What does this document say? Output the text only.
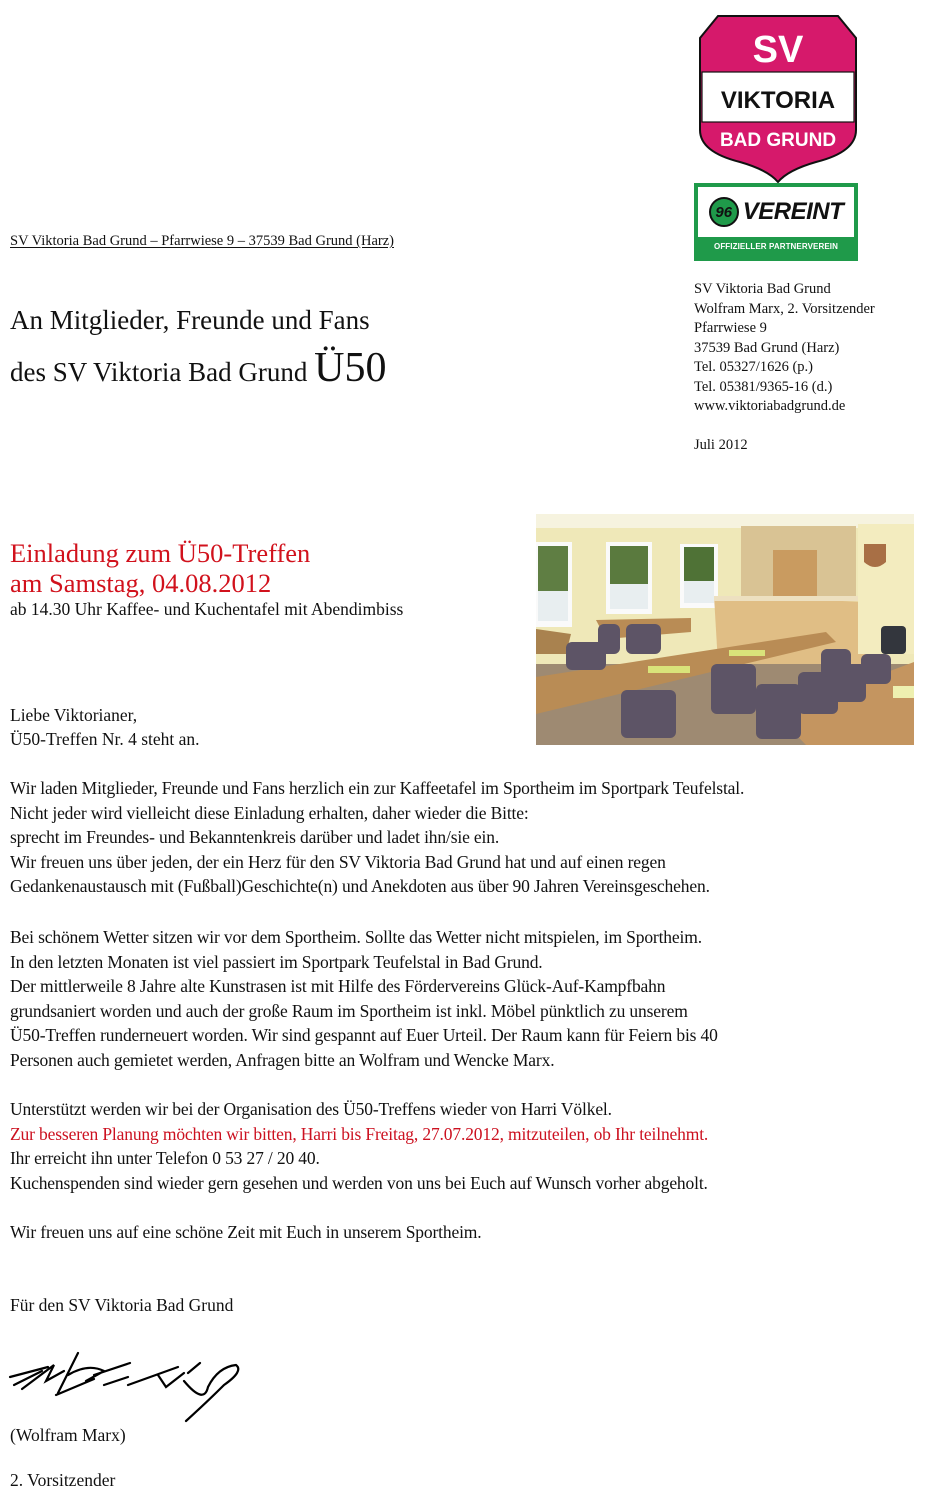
SV
VIKTORIA
BAD GRUND
96 VEREINT
OFFIZIELLER PARTNERVEREIN
SV Viktoria Bad Grund – Pfarrwiese 9 – 37539 Bad Grund (Harz)
An Mitglieder, Freunde und Fans
des SV Viktoria Bad Grund Ü50
SV Viktoria Bad Grund
Wolfram Marx, 2. Vorsitzender
Pfarrwiese 9
37539 Bad Grund (Harz)
Tel. 05327/1626 (p.)
Tel. 05381/9365-16 (d.)
www.viktoriabadgrund.de
Juli 2012
Einladung zum Ü50-Treffen
am Samstag, 04.08.2012
ab 14.30 Uhr Kaffee- und Kuchentafel mit Abendimbiss
Liebe Viktorianer,
Ü50-Treffen Nr. 4 steht an.
Wir laden Mitglieder, Freunde und Fans herzlich ein zur Kaffeetafel im Sportheim im Sportpark Teufelstal.
Nicht jeder wird vielleicht diese Einladung erhalten, daher wieder die Bitte:
sprecht im Freundes- und Bekanntenkreis darüber und ladet ihn/sie ein.
Wir freuen uns über jeden, der ein Herz für den SV Viktoria Bad Grund hat und auf einen regen
Gedankenaustausch mit (Fußball)Geschichte(n) und Anekdoten aus über 90 Jahren Vereinsgeschehen.
Bei schönem Wetter sitzen wir vor dem Sportheim. Sollte das Wetter nicht mitspielen, im Sportheim.
In den letzten Monaten ist viel passiert im Sportpark Teufelstal in Bad Grund.
Der mittlerweile 8 Jahre alte Kunstrasen ist mit Hilfe des Fördervereins Glück-Auf-Kampfbahn
grundsaniert worden und auch der große Raum im Sportheim ist inkl. Möbel pünktlich zu unserem
Ü50-Treffen runderneuert worden. Wir sind gespannt auf Euer Urteil. Der Raum kann für Feiern bis 40
Personen auch gemietet werden, Anfragen bitte an Wolfram und Wencke Marx.
Unterstützt werden wir bei der Organisation des Ü50-Treffens wieder von Harri Völkel.
Zur besseren Planung möchten wir bitten, Harri bis Freitag, 27.07.2012, mitzuteilen, ob Ihr teilnehmt.
Ihr erreicht ihn unter Telefon 0 53 27 / 20 40.
Kuchenspenden sind wieder gern gesehen und werden von uns bei Euch auf Wunsch vorher abgeholt.
Wir freuen uns auf eine schöne Zeit mit Euch in unserem Sportheim.
Für den SV Viktoria Bad Grund
(Wolfram Marx)
2. Vorsitzender
